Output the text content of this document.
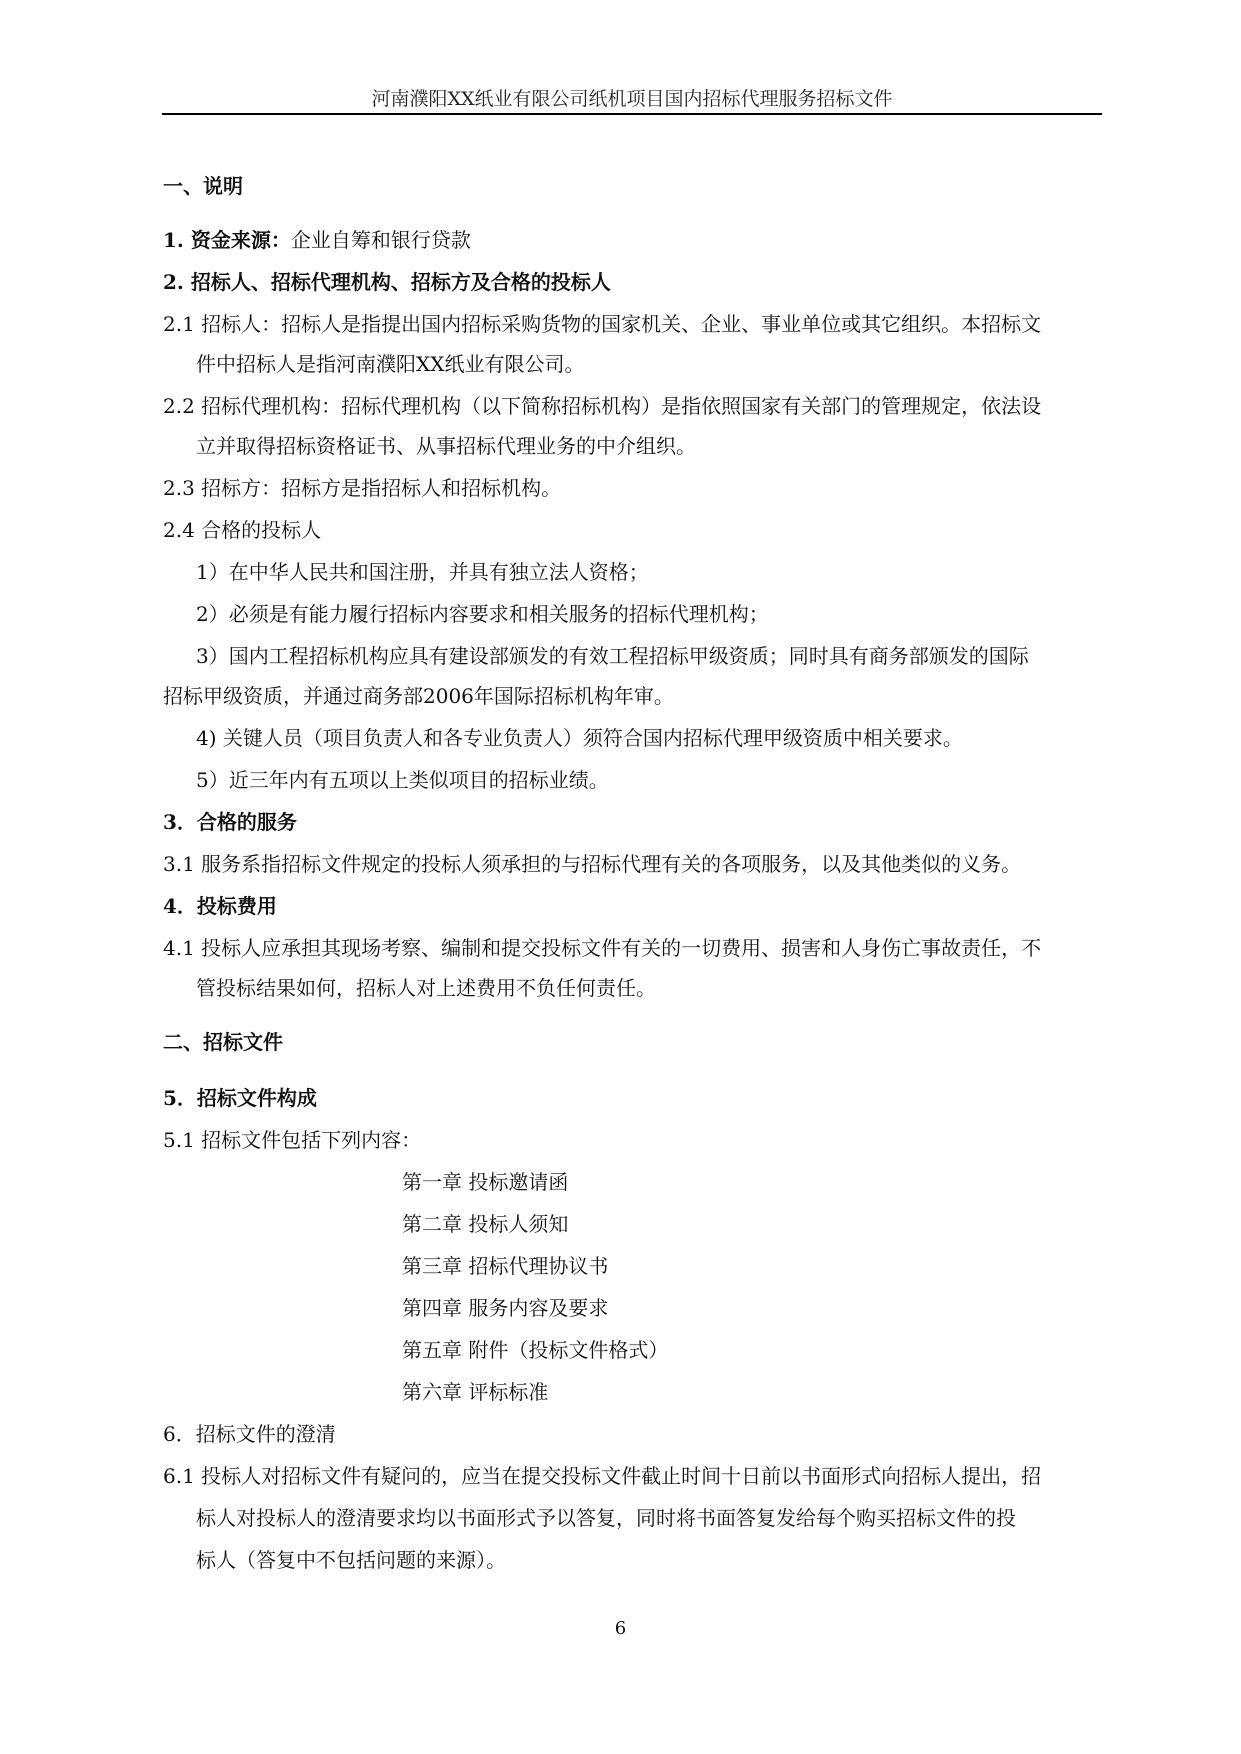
河南濮阳XX纸业有限公司纸机项目国内招标代理服务招标文件
一、说明
1. 资金来源：企业自筹和银行贷款
2. 招标人、招标代理机构、招标方及合格的投标人
2.1 招标人：招标人是指提出国内招标采购货物的国家机关、企业、事业单位或其它组织。本招标文
件中招标人是指河南濮阳XX纸业有限公司。
2.2 招标代理机构：招标代理机构（以下简称招标机构）是指依照国家有关部门的管理规定，依法设
立并取得招标资格证书、从事招标代理业务的中介组织。
2.3 招标方：招标方是指招标人和招标机构。
2.4 合格的投标人
1）在中华人民共和国注册，并具有独立法人资格；
2）必须是有能力履行招标内容要求和相关服务的招标代理机构；
3）国内工程招标机构应具有建设部颁发的有效工程招标甲级资质；同时具有商务部颁发的国际
招标甲级资质，并通过商务部2006年国际招标机构年审。
4) 关键人员（项目负责人和各专业负责人）须符合国内招标代理甲级资质中相关要求。
5）近三年内有五项以上类似项目的招标业绩。
3．合格的服务
3.1 服务系指招标文件规定的投标人须承担的与招标代理有关的各项服务，以及其他类似的义务。
4．投标费用
4.1 投标人应承担其现场考察、编制和提交投标文件有关的一切费用、损害和人身伤亡事故责任，不
管投标结果如何，招标人对上述费用不负任何责任。
二、招标文件
5．招标文件构成
5.1 招标文件包括下列内容：
第一章 投标邀请函
第二章 投标人须知
第三章 招标代理协议书
第四章 服务内容及要求
第五章 附件（投标文件格式）
第六章 评标标准
6．招标文件的澄清
6.1 投标人对招标文件有疑问的，应当在提交投标文件截止时间十日前以书面形式向招标人提出，招
标人对投标人的澄清要求均以书面形式予以答复，同时将书面答复发给每个购买招标文件的投
标人（答复中不包括问题的来源）。
6
